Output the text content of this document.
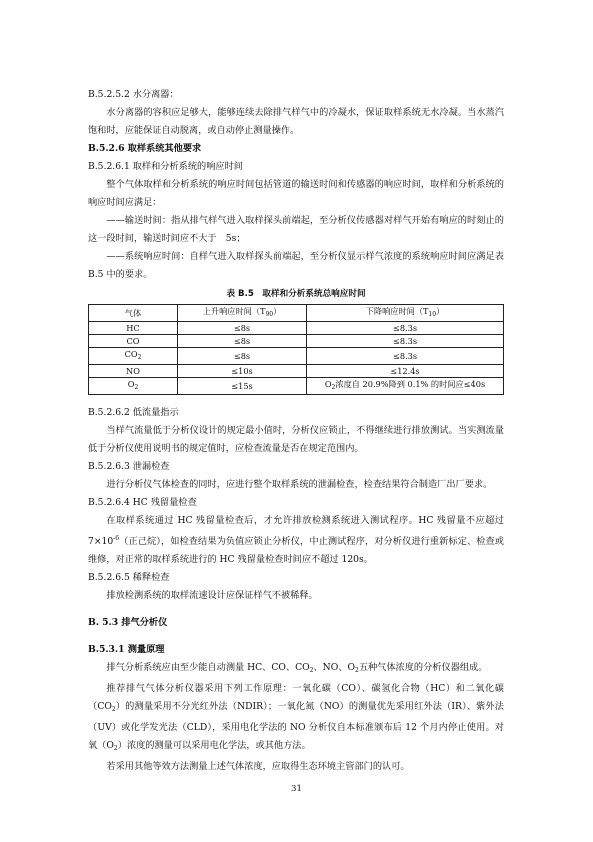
B.5.2.5.2 水分离器：

水分离器的容积应足够大，能够连续去除排气样气中的冷凝水，保证取样系统无水冷凝。当水蒸汽饱和时，应能保证自动脱离，或自动停止测量操作。

B.5.2.6 取样系统其他要求

B.5.2.6.1 取样和分析系统的响应时间

整个气体取样和分析系统的响应时间包括管道的输送时间和传感器的响应时间，取样和分析系统的响应时间应满足：

——输送时间：指从排气样气进入取样探头前端起，至分析仪传感器对样气开始有响应的时刻止的这一段时间，输送时间应不大于　5s；

——系统响应时间：自样气进入取样探头前端起，至分析仪显示样气浓度的系统响应时间应满足表 B.5 中的要求。

表 B.5　取样和分析系统总响应时间
气体	上升响应时间$(T_{90})$	下降响应时间$(T_{10})$
HC	≤8s	≤8.3s
CO	≤8s	≤8.3s
$CO_2$	≤8s	≤8.3s
NO	≤10s	≤12.4s
$O_2$	≤15s	$O_2$浓度自 20.9%降到 0.1% 的时间应≤40s

B.5.2.6.2 低流量指示

当样气流量低于分析仪设计的规定最小值时，分析仪应锁止，不得继续进行排放测试。当实测流量低于分析仪使用说明书的规定值时，应检查流量是否在规定范围内。

B.5.2.6.3 泄漏检查

进行分析仪气体检查的同时，应进行整个取样系统的泄漏检查，检查结果符合制造厂出厂要求。

B.5.2.6.4 HC 残留量检查

在取样系统通过 HC 残留量检查后，才允许排放检测系统进入测试程序。HC 残留量不应超过 $7\times 10^{-6}$（正己烷），如检查结果为负值应锁止分析仪，中止测试程序，对分析仪进行重新标定、检查或维修，对正常的取样系统进行的 HC 残留量检查时间应不超过 120s。

B.5.2.6.5 稀释检查

排放检测系统的取样流速设计应保证样气不被稀释。

B. 5.3 排气分析仪

B.5.3.1 测量原理

排气分析系统应由至少能自动测量 HC、CO、$CO_2$、NO、$O_2$五种气体浓度的分析仪器组成。

推荐排气气体分析仪器采用下列工作原理：一氧化碳（CO）、碳氢化合物（HC）和二氧化碳$(CO_2)$的测量采用不分光红外法（NDIR）；一氧化氮（NO）的测量优先采用红外法（IR）、紫外法（UV）或化学发光法（CLD），采用电化学法的 NO 分析仪自本标准颁布后 12 个月内停止使用。对氧$(O_2)$浓度的测量可以采用电化学法，或其他方法。

若采用其他等效方法测量上述气体浓度，应取得生态环境主管部门的认可。

31
